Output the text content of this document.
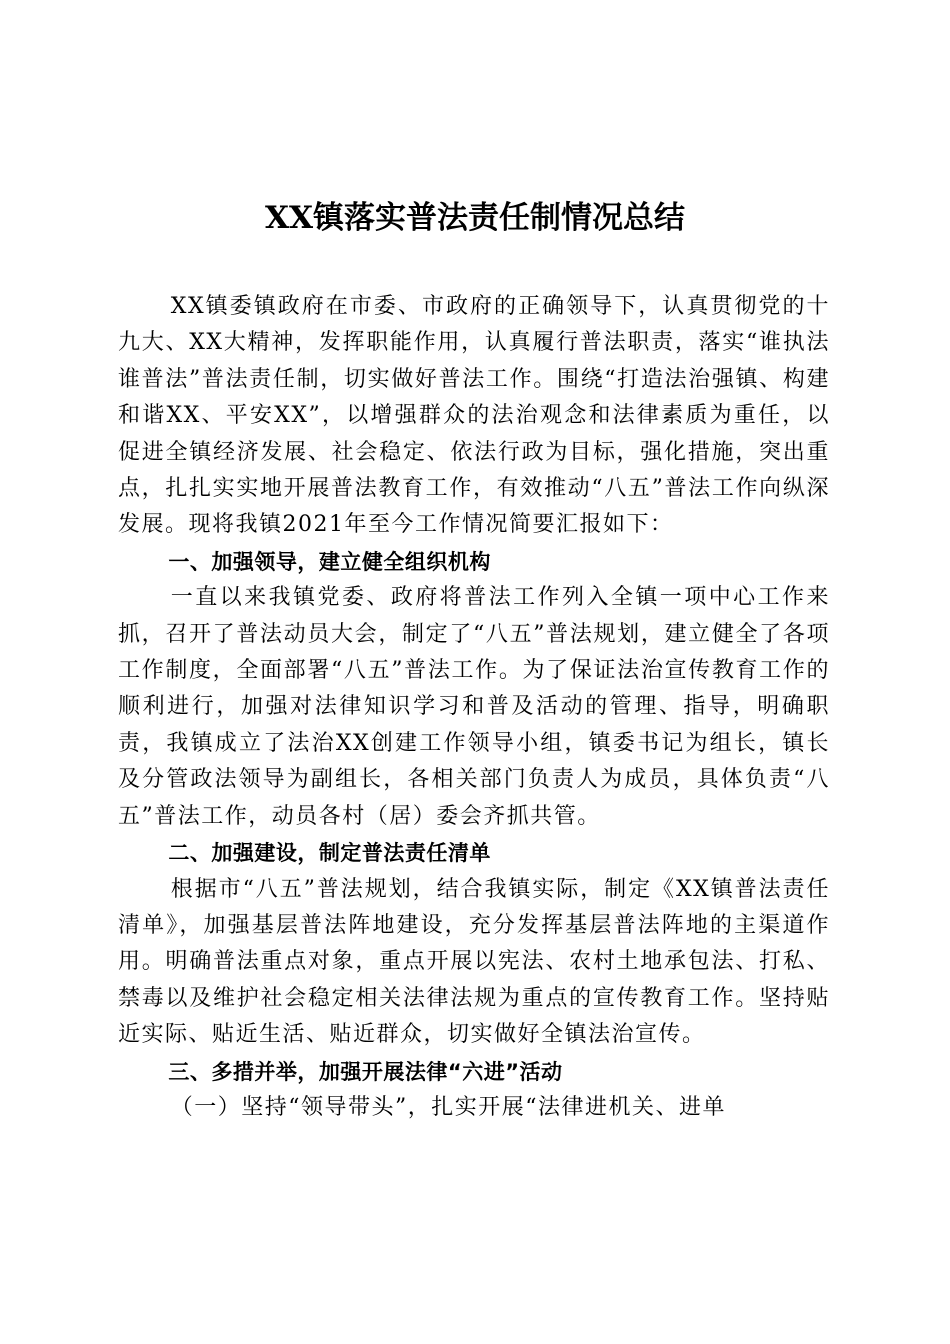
XX镇落实普法责任制情况总结

XX镇委镇政府在市委、市政府的正确领导下，认真贯彻党的十九大、XX大精神，发挥职能作用，认真履行普法职责，落实“谁执法谁普法”普法责任制，切实做好普法工作。围绕“打造法治强镇、构建和谐XX、平安XX”，以增强群众的法治观念和法律素质为重任，以促进全镇经济发展、社会稳定、依法行政为目标，强化措施，突出重点，扎扎实实地开展普法教育工作，有效推动“八五”普法工作向纵深发展。现将我镇2021年至今工作情况简要汇报如下：

一、加强领导，建立健全组织机构

一直以来我镇党委、政府将普法工作列入全镇一项中心工作来抓，召开了普法动员大会，制定了“八五”普法规划，建立健全了各项工作制度，全面部署“八五”普法工作。为了保证法治宣传教育工作的顺利进行，加强对法律知识学习和普及活动的管理、指导，明确职责，我镇成立了法治XX创建工作领导小组，镇委书记为组长，镇长及分管政法领导为副组长，各相关部门负责人为成员，具体负责“八五”普法工作，动员各村（居）委会齐抓共管。

二、加强建设，制定普法责任清单

根据市“八五”普法规划，结合我镇实际，制定《XX镇普法责任清单》，加强基层普法阵地建设，充分发挥基层普法阵地的主渠道作用。明确普法重点对象，重点开展以宪法、农村土地承包法、打私、禁毒以及维护社会稳定相关法律法规为重点的宣传教育工作。坚持贴近实际、贴近生活、贴近群众，切实做好全镇法治宣传。

三、多措并举，加强开展法律“六进”活动

（一）坚持“领导带头”，扎实开展“法律进机关、进单
